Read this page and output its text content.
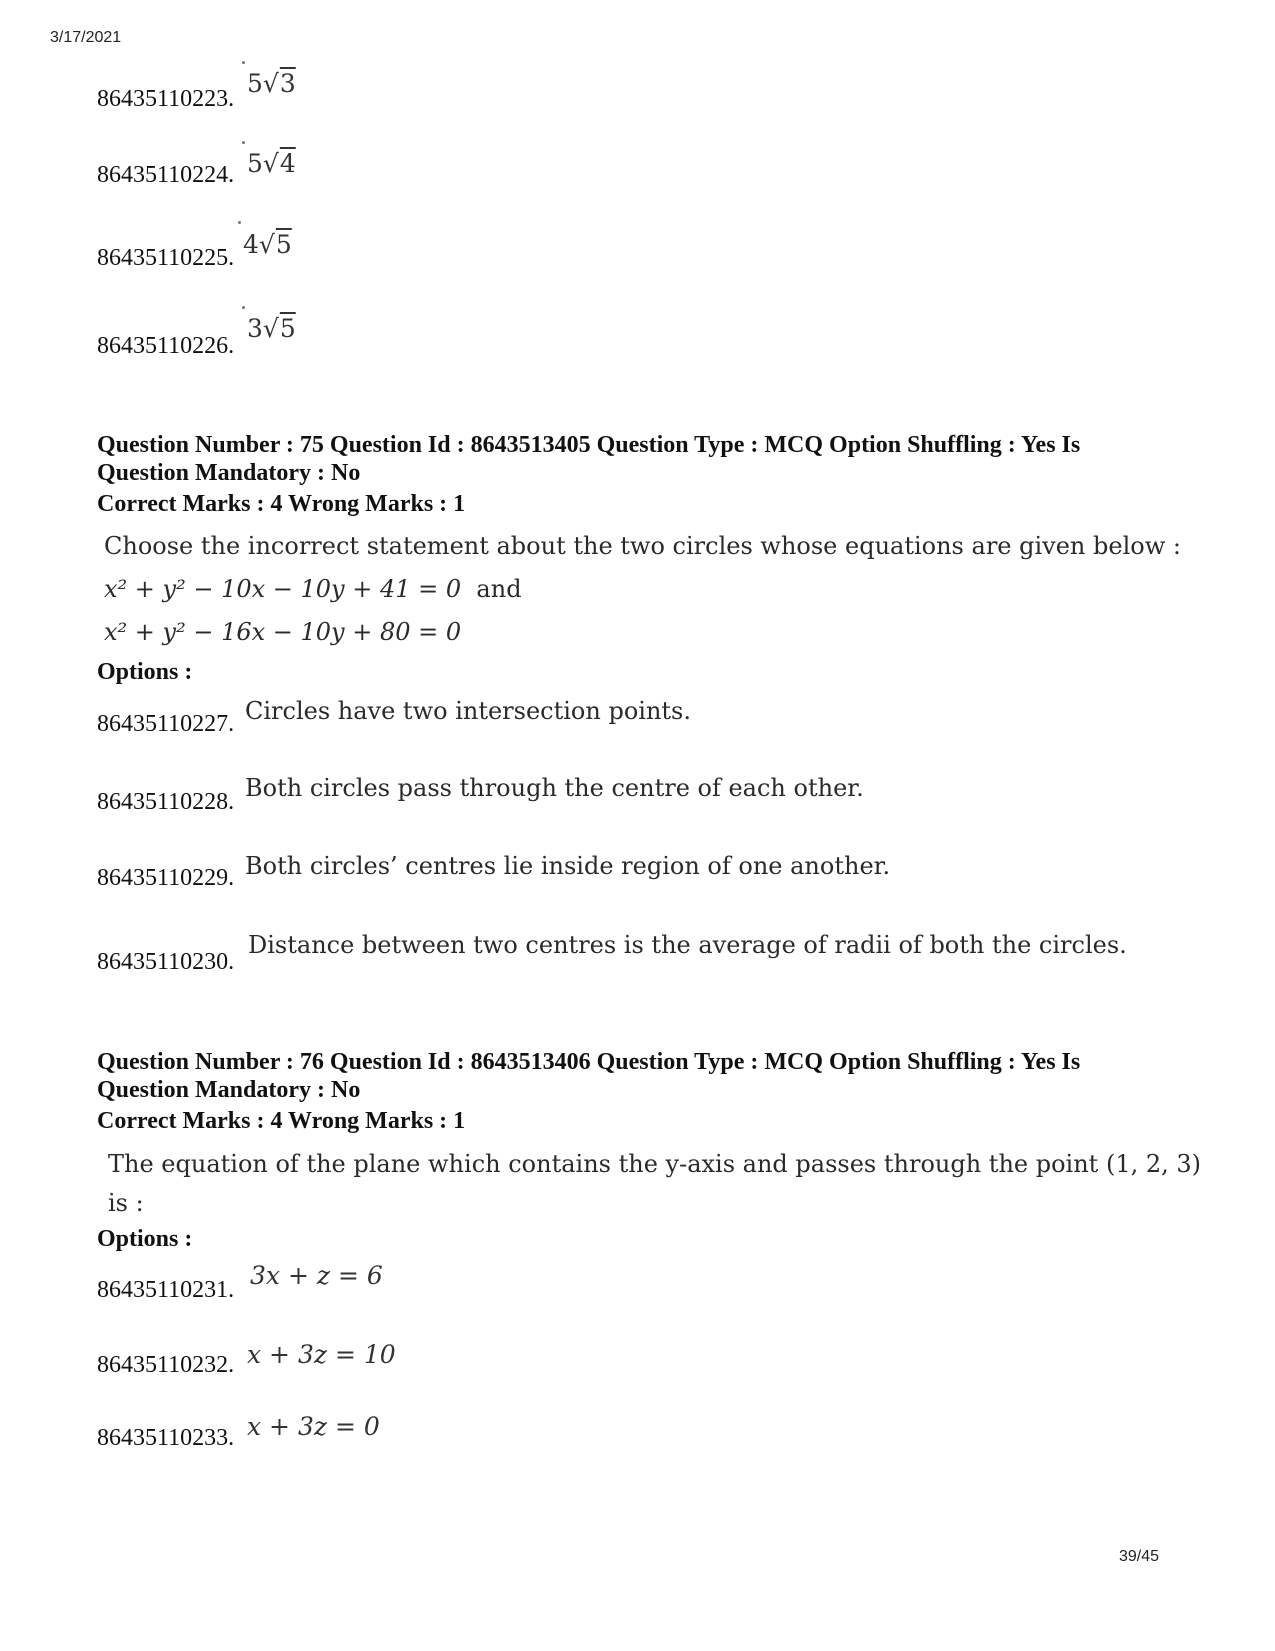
3/17/2021
39/45
86435110223.
5√3
86435110224. 5√4
86435110225. 4√5
86435110226.
3√5
Question Number : 75 Question Id : 8643513405 Question Type : MCQ Option Shuffling : Yes Is Question Mandatory : No
Correct Marks : 4 Wrong Marks : 1
Choose the incorrect statement about the two circles whose equations are given below :
x² + y² − 10x − 10y + 41 = 0 and
x² + y² − 16x − 10y + 80 = 0
Options :
86435110227. Circles have two intersection points.
86435110228. Both circles pass through the centre of each other.
86435110229. Both circles’ centres lie inside region of one another.
86435110230.
Distance between two centres is the average of radii of both the circles.
Question Number : 76 Question Id : 8643513406 Question Type : MCQ Option Shuffling : Yes Is Question Mandatory : No
Correct Marks : 4 Wrong Marks : 1
The equation of the plane which contains the y-axis and passes through the point (1, 2, 3)
is :
Options :
86435110231. 3x + z = 6
86435110232. x + 3z = 10
86435110233. x + 3z = 0
